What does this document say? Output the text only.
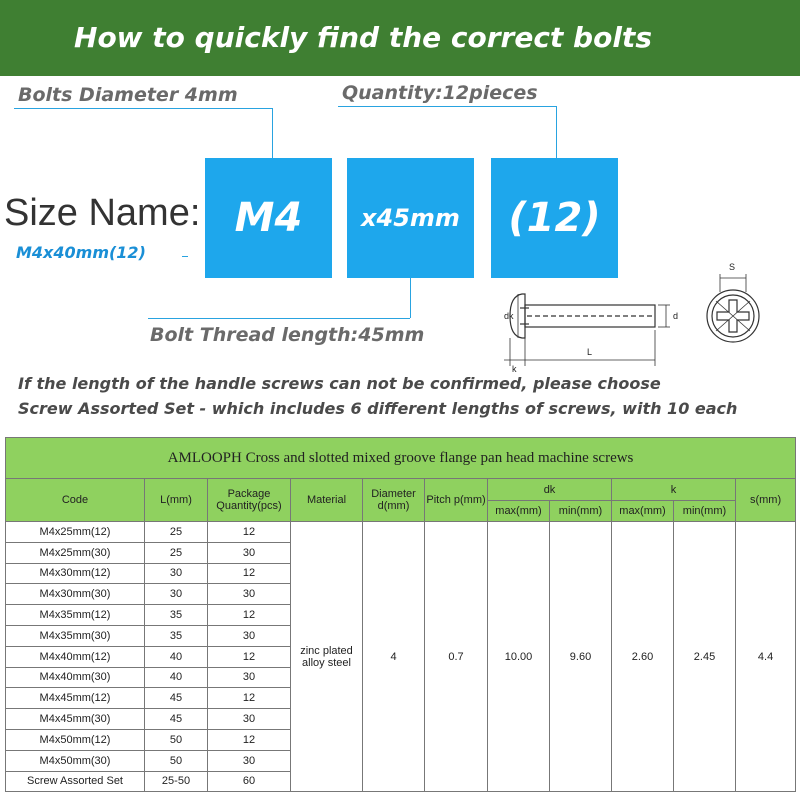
How to quickly find the correct bolts
Bolts Diameter 4mm	Quantity:12pieces
M4	x45mm	(12)
Size Name:
M4x40mm(12)
Bolt Thread length:45mm
S
dk	d
L
k
If the length of the handle screws can not be confirmed, please choose
Screw Assorted Set - which includes 6 different lengths of screws, with 10 each
AMLOOPH Cross and slotted mixed groove flange pan head machine screws										
Code	L(mm)	Package Quantity(pcs)	Material	Diameter d(mm)	Pitch p(mm)	dk		k		s(mm)
						max(mm)	min(mm)	max(mm)	min(mm)	
M4x25mm(12)	25	12	zinc plated alloy steel	4	0.7	10.00	9.60	2.60	2.45	4.4
M4x25mm(30)	25	30								
M4x30mm(12)	30	12								
M4x30mm(30)	30	30								
M4x35mm(12)	35	12								
M4x35mm(30)	35	30								
M4x40mm(12)	40	12								
M4x40mm(30)	40	30								
M4x45mm(12)	45	12								
M4x45mm(30)	45	30								
M4x50mm(12)	50	12								
M4x50mm(30)	50	30								
Screw Assorted Set	25-50	60								
